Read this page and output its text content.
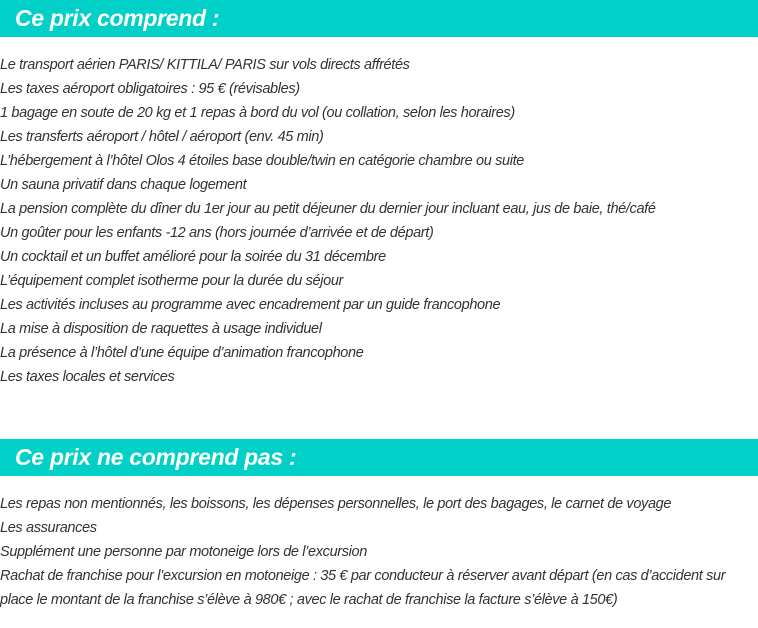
Ce prix comprend :
Le transport aérien PARIS/ KITTILA/ PARIS sur vols directs affrétés
Les taxes aéroport obligatoires : 95 € (révisables)
1 bagage en soute de 20 kg et 1 repas à bord du vol (ou collation, selon les horaires)
Les transferts aéroport / hôtel / aéroport (env. 45 min)
L’hébergement à l’hôtel Olos 4 étoiles base double/twin en catégorie chambre ou suite
Un sauna privatif dans chaque logement
La pension complète du dîner du 1er jour au petit déjeuner du dernier jour incluant eau, jus de baie, thé/café
Un goûter pour les enfants -12 ans (hors journée d’arrivée et de départ)
Un cocktail et un buffet amélioré pour la soirée du 31 décembre
L’équipement complet isotherme pour la durée du séjour
Les activités incluses au programme avec encadrement par un guide francophone
La mise à disposition de raquettes à usage individuel
La présence à l’hôtel d’une équipe d’animation francophone
Les taxes locales et services
Ce prix ne comprend pas :
Les repas non mentionnés, les boissons, les dépenses personnelles, le port des bagages, le carnet de voyage
Les assurances
Supplément une personne par motoneige lors de l’excursion
Rachat de franchise pour l’excursion en motoneige : 35 € par conducteur à réserver avant départ (en cas d’accident sur place le montant de la franchise s’élève à 980€ ; avec le rachat de franchise la facture s’élève à 150€)
